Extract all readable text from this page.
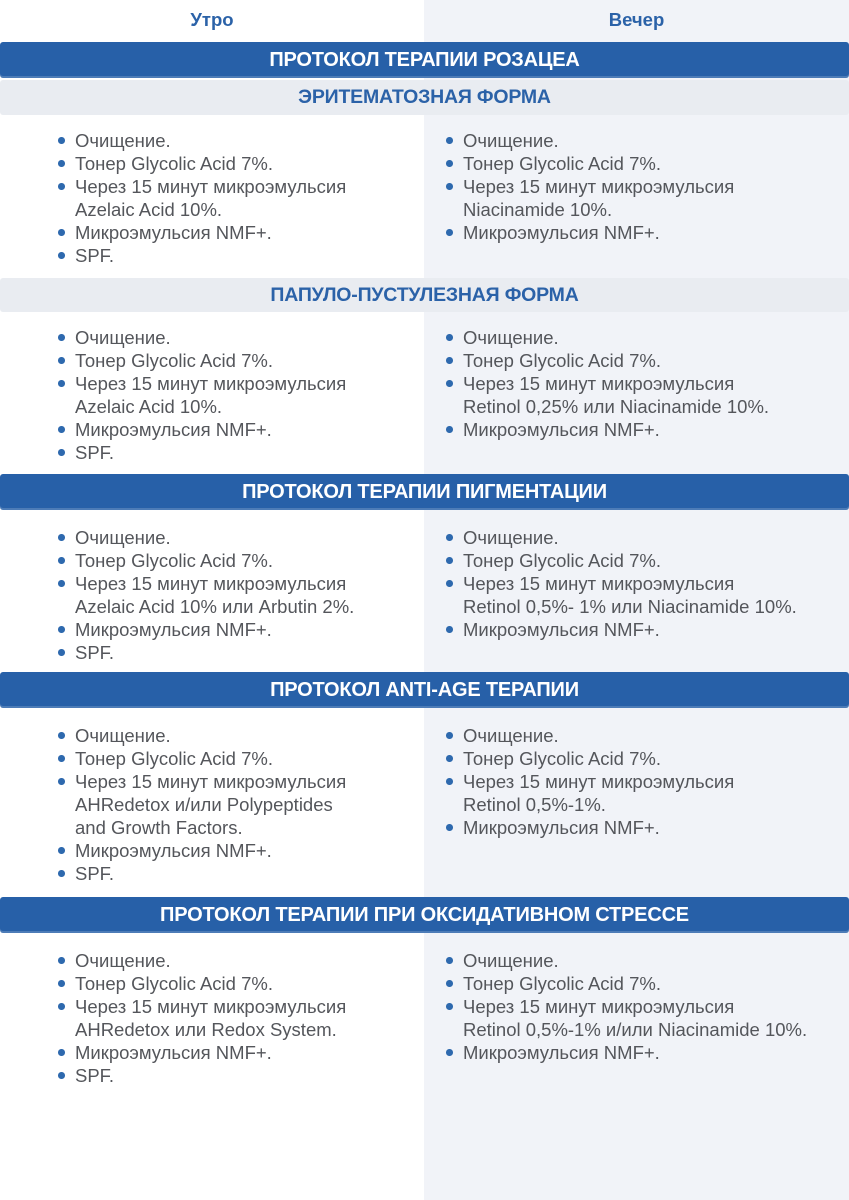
Утро	Вечер
ПРОТОКОЛ ТЕРАПИИ РОЗАЦЕА
ЭРИТЕМАТОЗНАЯ ФОРМА
Очищение.
Тонер Glycolic Acid 7%.
Через 15 минут микроэмульсия
Azelaic Acid 10%.
Микроэмульсия NMF+.
SPF.
Очищение.
Тонер Glycolic Acid 7%.
Через 15 минут микроэмульсия
Niacinamide 10%.
Микроэмульсия NMF+.
ПАПУЛО-ПУСТУЛЕЗНАЯ ФОРМА
Очищение.
Тонер Glycolic Acid 7%.
Через 15 минут микроэмульсия
Azelaic Acid 10%.
Микроэмульсия NMF+.
SPF.
Очищение.
Тонер Glycolic Acid 7%.
Через 15 минут микроэмульсия
Retinol 0,25% или Niacinamide 10%.
Микроэмульсия NMF+.
ПРОТОКОЛ ТЕРАПИИ ПИГМЕНТАЦИИ
Очищение.
Тонер Glycolic Acid 7%.
Через 15 минут микроэмульсия
Azelaic Acid 10% или Arbutin 2%.
Микроэмульсия NMF+.
SPF.
Очищение.
Тонер Glycolic Acid 7%.
Через 15 минут микроэмульсия
Retinol 0,5%- 1% или Niacinamide 10%.
Микроэмульсия NMF+.
ПРОТОКОЛ ANTI-AGE ТЕРАПИИ
Очищение.
Тонер Glycolic Acid 7%.
Через 15 минут микроэмульсия
AHRedetox и/или Polypeptides
and Growth Factors.
Микроэмульсия NMF+.
SPF.
Очищение.
Тонер Glycolic Acid 7%.
Через 15 минут микроэмульсия
Retinol 0,5%-1%.
Микроэмульсия NMF+.
ПРОТОКОЛ ТЕРАПИИ ПРИ ОКСИДАТИВНОМ СТРЕССЕ
Очищение.
Тонер Glycolic Acid 7%.
Через 15 минут микроэмульсия
AHRedetox или Redox System.
Микроэмульсия NMF+.
SPF.
Очищение.
Тонер Glycolic Acid 7%.
Через 15 минут микроэмульсия
Retinol 0,5%-1% и/или Niacinamide 10%.
Микроэмульсия NMF+.
